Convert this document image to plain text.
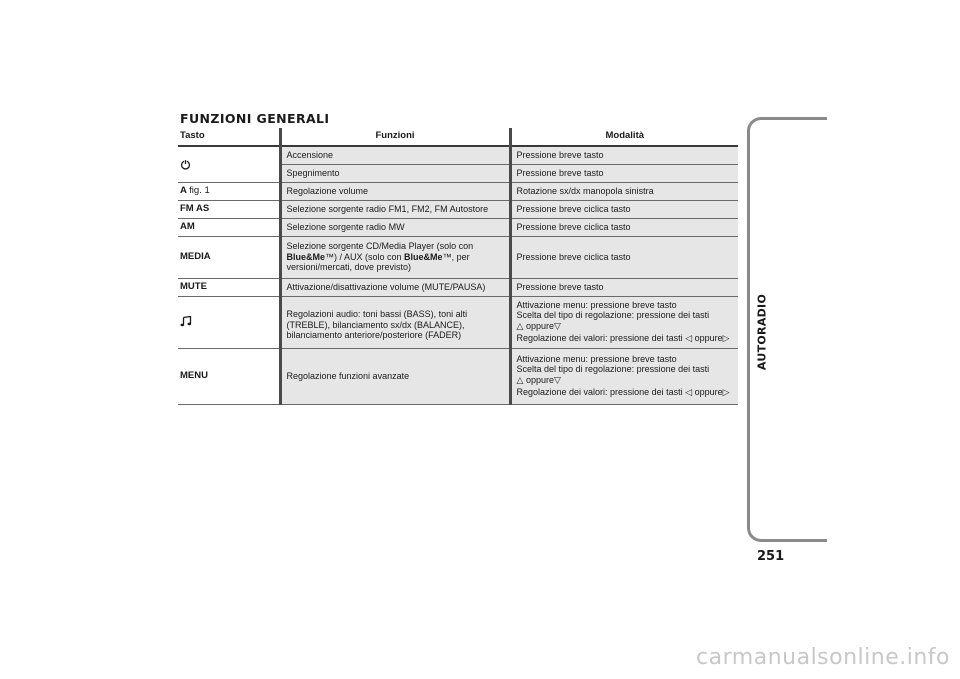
FUNZIONI GENERALI
Tasto	Funzioni	Modalità
	Accensione	Pressione breve tasto
	Spegnimento	Pressione breve tasto
A fig. 1	Regolazione volume	Rotazione sx/dx manopola sinistra
FM AS	Selezione sorgente radio FM1, FM2, FM Autostore	Pressione breve ciclica tasto
AM	Selezione sorgente radio MW	Pressione breve ciclica tasto
MEDIA	Selezione sorgente CD/Media Player (solo con Blue&Me™) / AUX (solo con Blue&Me™, per versioni/mercati, dove previsto)	Pressione breve ciclica tasto
MUTE	Attivazione/disattivazione volume (MUTE/PAUSA)	Pressione breve tasto
	Regolazioni audio: toni bassi (BASS), toni alti (TREBLE), bilanciamento sx/dx (BALANCE), bilanciamento anteriore/posteriore (FADER)	Attivazione menu: pressione breve tasto
Scelta del tipo di regolazione: pressione dei tasti
△ oppure▽
Regolazione dei valori: pressione dei tasti ◁ oppure▷

MENU	Regolazione funzioni avanzate	Attivazione menu: pressione breve tasto
Scelta del tipo di regolazione: pressione dei tasti
△ oppure▽
Regolazione dei valori: pressione dei tasti ◁ oppure▷
AUTORADIO
251
carmanualsonline.info
